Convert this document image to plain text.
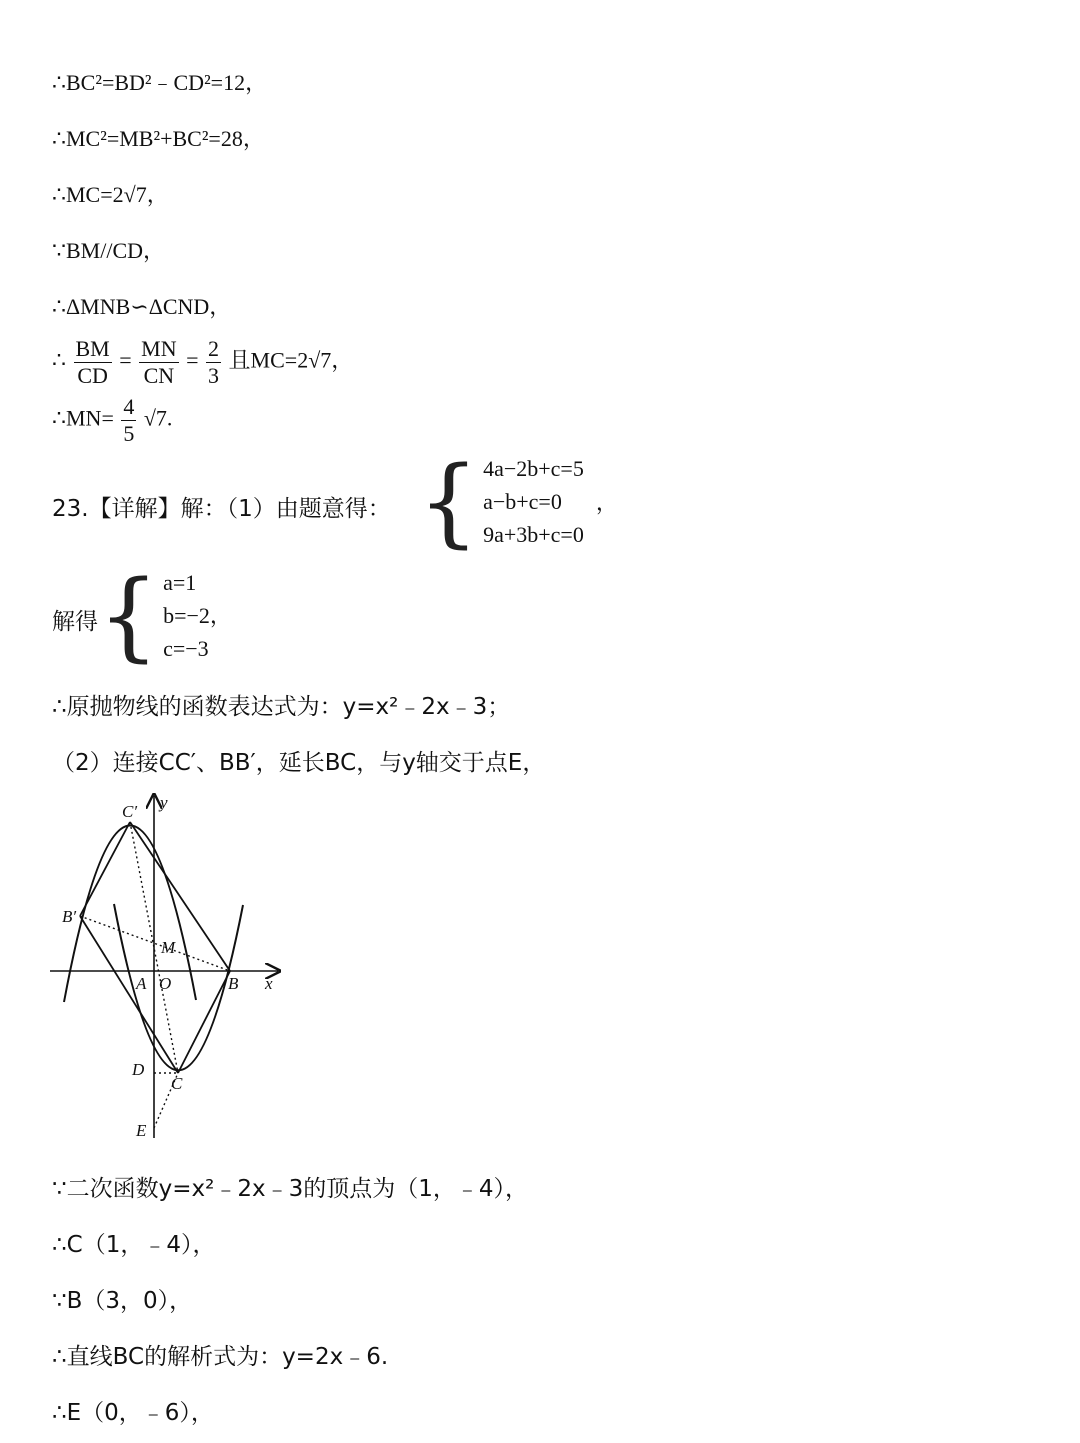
∴BC²=BD²﹣CD²=12，
∴MC²=MB²+BC²=28，
∴MC=2√7，
∵BM//CD，
∴ΔMNB∽ΔCND，
∴ $\frac{BM}{CD} = \frac{MN}{CN} = \frac{2}{3}$ 且MC=2√7，
∴MN= $\frac{4}{5} √7$.
23.【详解】解：（1）由题意得： { 4a−2b+c=5
a−b+c=0
9a+3b+c=0
，
解得 { a=1
b=−2，
c=−3
∴原抛物线的函数表达式为：y=x²﹣2x﹣3；
（2）连接CC′、BB′，延长BC，与y轴交于点E，
C′ y
B′
M
A O	B x
D
C
E
∵二次函数y=x²﹣2x﹣3的顶点为（1，﹣4），
∴C（1，﹣4），
∵B（3，0），
∴直线BC的解析式为：y=2x﹣6.
∴E（0，﹣6），
